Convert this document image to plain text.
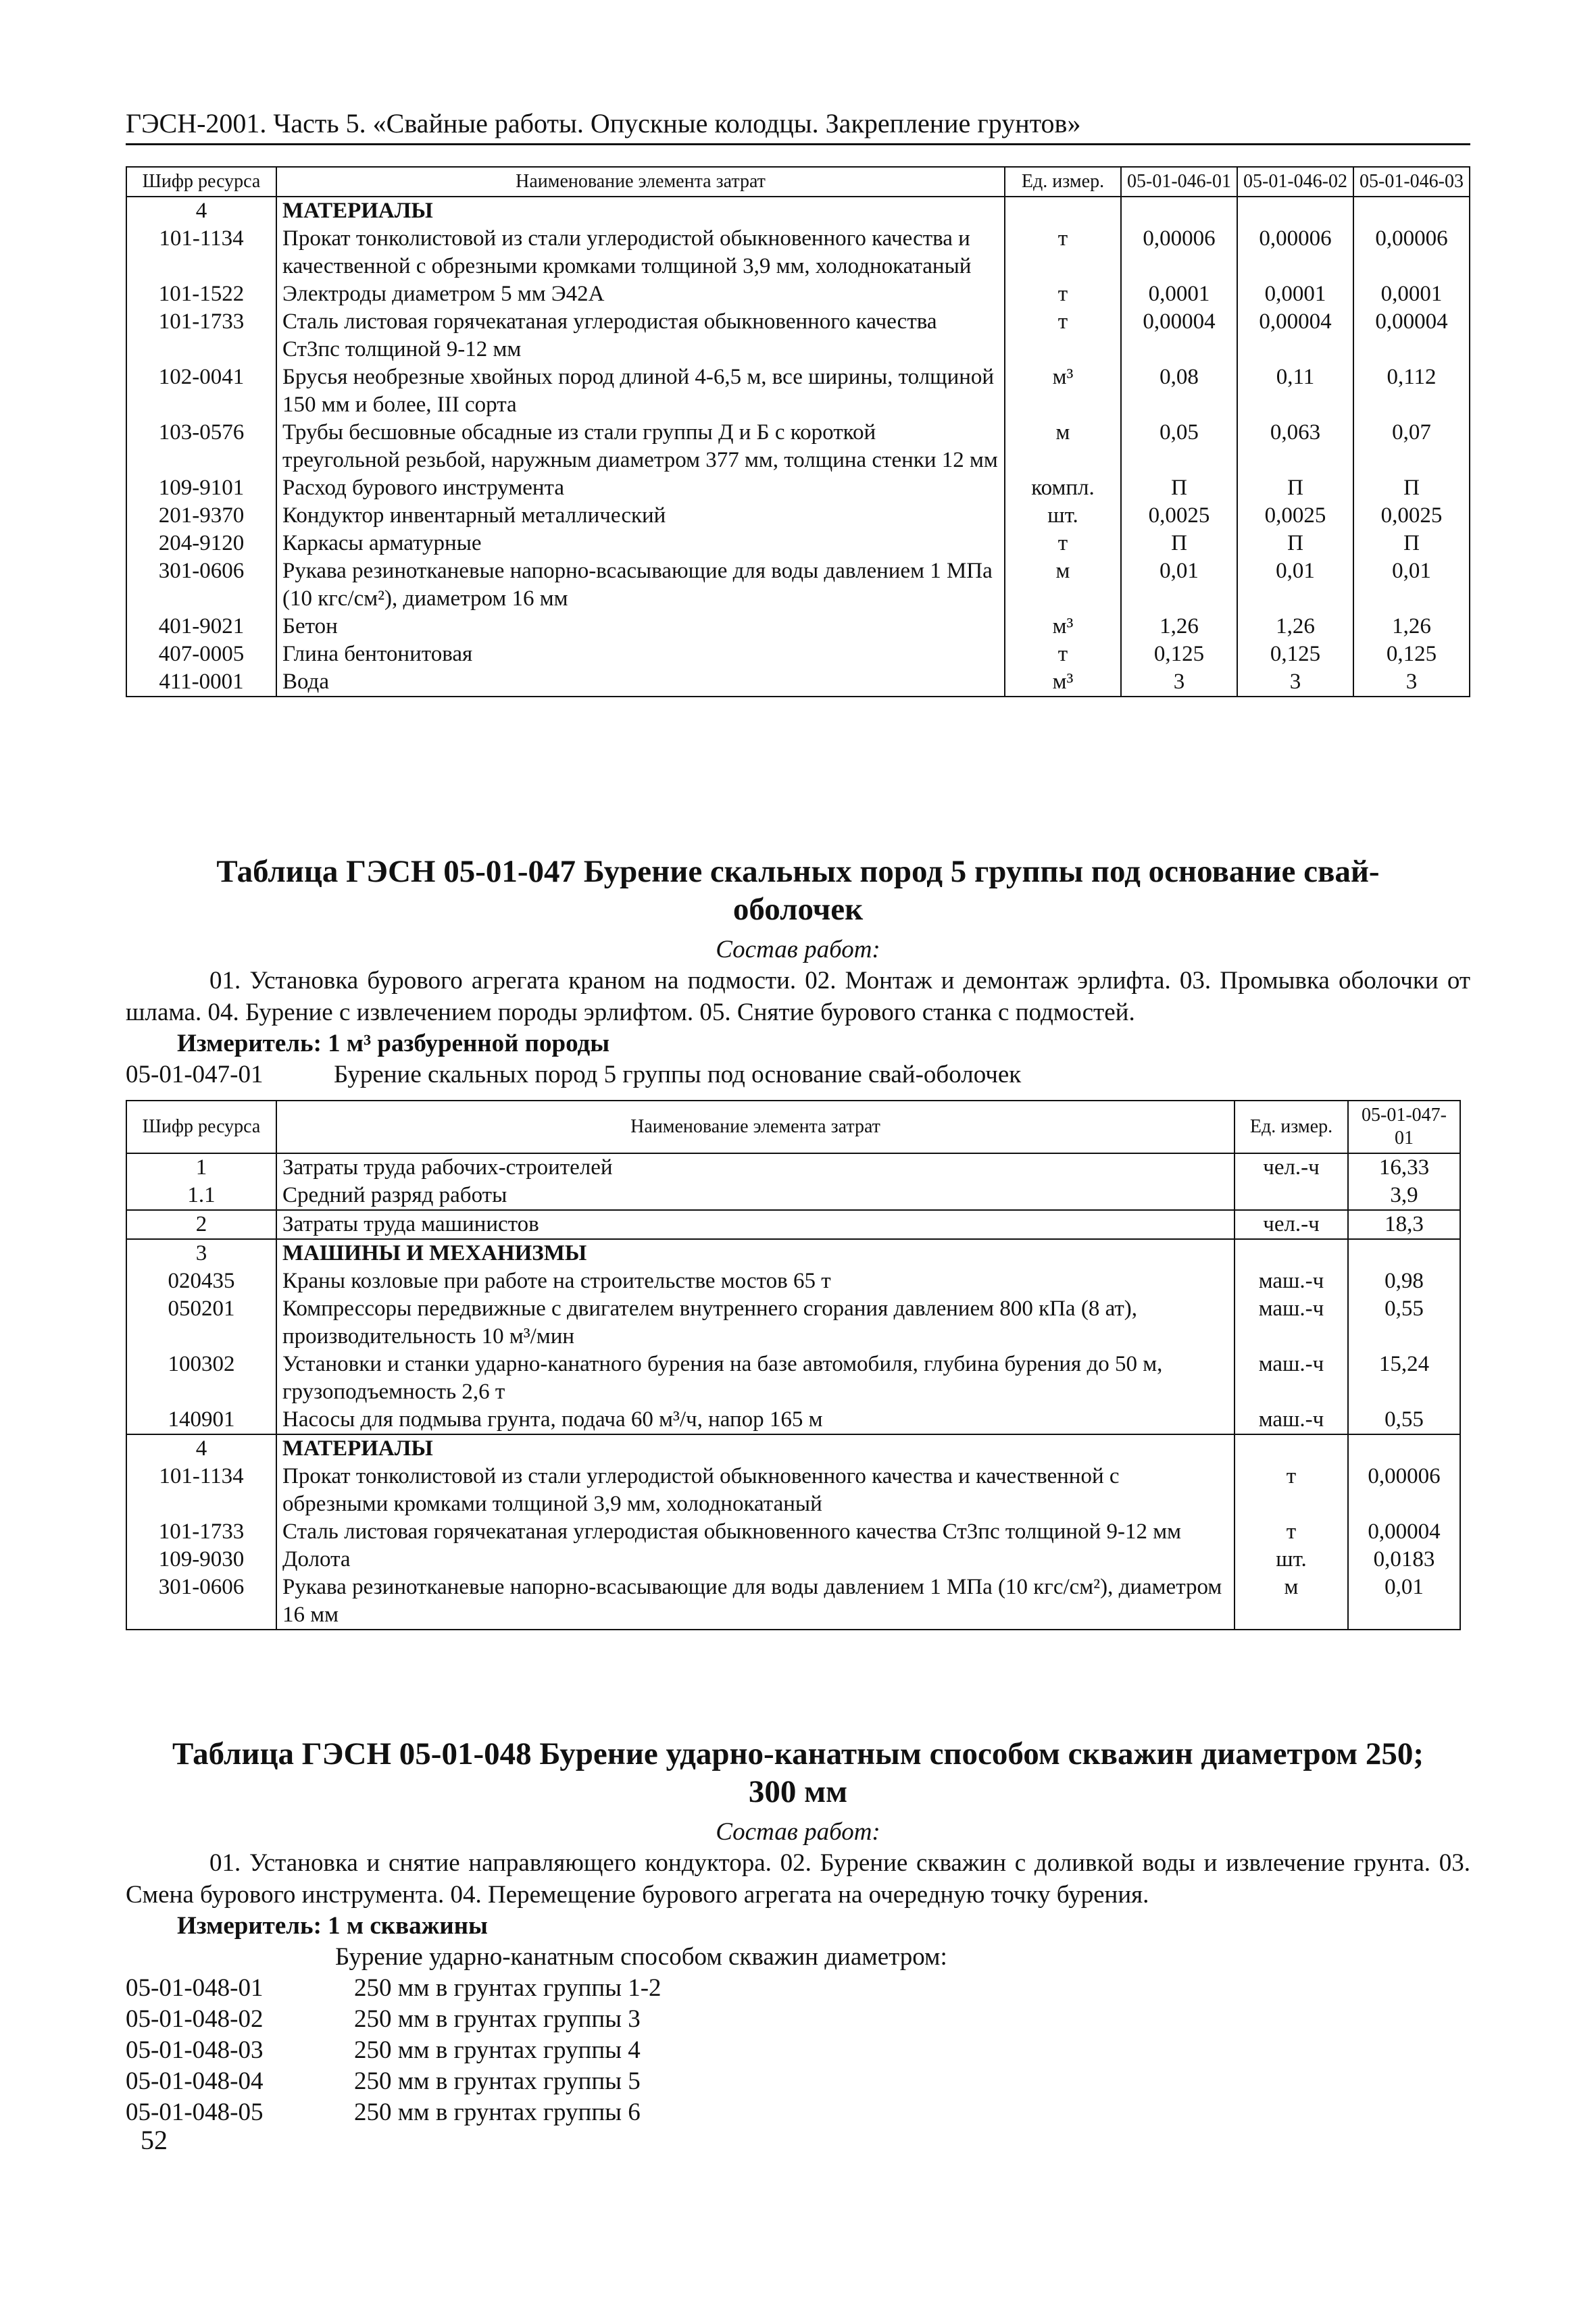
ГЭСН-2001. Часть 5. «Свайные работы. Опускные колодцы. Закрепление грунтов»
Шифр ресурса	Наименование элемента затрат	Ед. измер.	05-01-046-01	05-01-046-02	05-01-046-03
4	МАТЕРИАЛЫ				
101-1134	Прокат тонколистовой из стали углеродистой обыкновенного качества и качественной с обрезными кромками толщиной 3,9 мм, холоднокатаный	т	0,00006	0,00006	0,00006
101-1522	Электроды диаметром 5 мм Э42А	т	0,0001	0,0001	0,0001
101-1733	Сталь листовая горячекатаная углеродистая обыкновенного качества Ст3пс толщиной 9-12 мм	т	0,00004	0,00004	0,00004
102-0041	Брусья необрезные хвойных пород длиной 4-6,5 м, все ширины, толщиной 150 мм и более, III сорта	м³	0,08	0,11	0,112
103-0576	Трубы бесшовные обсадные из стали группы Д и Б с короткой треугольной резьбой, наружным диаметром 377 мм, толщина стенки 12 мм	м	0,05	0,063	0,07
109-9101	Расход бурового инструмента	компл.	П	П	П
201-9370	Кондуктор инвентарный металлический	шт.	0,0025	0,0025	0,0025
204-9120	Каркасы арматурные	т	П	П	П
301-0606	Рукава резинотканевые напорно-всасывающие для воды давлением 1 МПа (10 кгс/см²), диаметром 16 мм	м	0,01	0,01	0,01
401-9021	Бетон	м³	1,26	1,26	1,26
407-0005	Глина бентонитовая	т	0,125	0,125	0,125
411-0001	Вода	м³	3	3	3
Таблица ГЭСН 05-01-047 Бурение скальных пород 5 группы под основание свай-
оболочек
Состав работ:
01. Установка бурового агрегата краном на подмости. 02. Монтаж и демонтаж эрлифта. 03. Промывка оболочки от шлама. 04. Бурение с извлечением породы эрлифтом. 05. Снятие бурового станка с подмостей.
Измеритель: 1 м³ разбуренной породы
05-01-047-01	Бурение скальных пород 5 группы под основание свай-оболочек
Шифр ресурса	Наименование элемента затрат	Ед. измер.	05-01-047-01
1	Затраты труда рабочих-строителей	чел.-ч	16,33
1.1	Средний разряд работы		3,9
2	Затраты труда машинистов	чел.-ч	18,3
3	МАШИНЫ И МЕХАНИЗМЫ		
020435	Краны козловые при работе на строительстве мостов 65 т	маш.-ч	0,98
050201	Компрессоры передвижные с двигателем внутреннего сгорания давлением 800 кПа (8 ат), производительность 10 м³/мин	маш.-ч	0,55
100302	Установки и станки ударно-канатного бурения на базе автомобиля, глубина бурения до 50 м, грузоподъемность 2,6 т	маш.-ч	15,24
140901	Насосы для подмыва грунта, подача 60 м³/ч, напор 165 м	маш.-ч	0,55
4	МАТЕРИАЛЫ		
101-1134	Прокат тонколистовой из стали углеродистой обыкновенного качества и качественной с обрезными кромками толщиной 3,9 мм, холоднокатаный	т	0,00006
101-1733	Сталь листовая горячекатаная углеродистая обыкновенного качества Ст3пс толщиной 9-12 мм	т	0,00004
109-9030	Долота	шт.	0,0183
301-0606	Рукава резинотканевые напорно-всасывающие для воды давлением 1 МПа (10 кгс/см²), диаметром 16 мм	м	0,01
Таблица ГЭСН 05-01-048 Бурение ударно-канатным способом скважин диаметром 250;
300 мм
Состав работ:
01. Установка и снятие направляющего кондуктора. 02. Бурение скважин с доливкой воды и извлечение грунта. 03. Смена бурового инструмента. 04. Перемещение бурового агрегата на очередную точку бурения.
Измеритель: 1 м скважины
Бурение ударно-канатным способом скважин диаметром:
05-01-048-01	250 мм в грунтах группы 1-2
05-01-048-02	250 мм в грунтах группы 3
05-01-048-03	250 мм в грунтах группы 4
05-01-048-04	250 мм в грунтах группы 5
05-01-048-05	250 мм в грунтах группы 6
52
